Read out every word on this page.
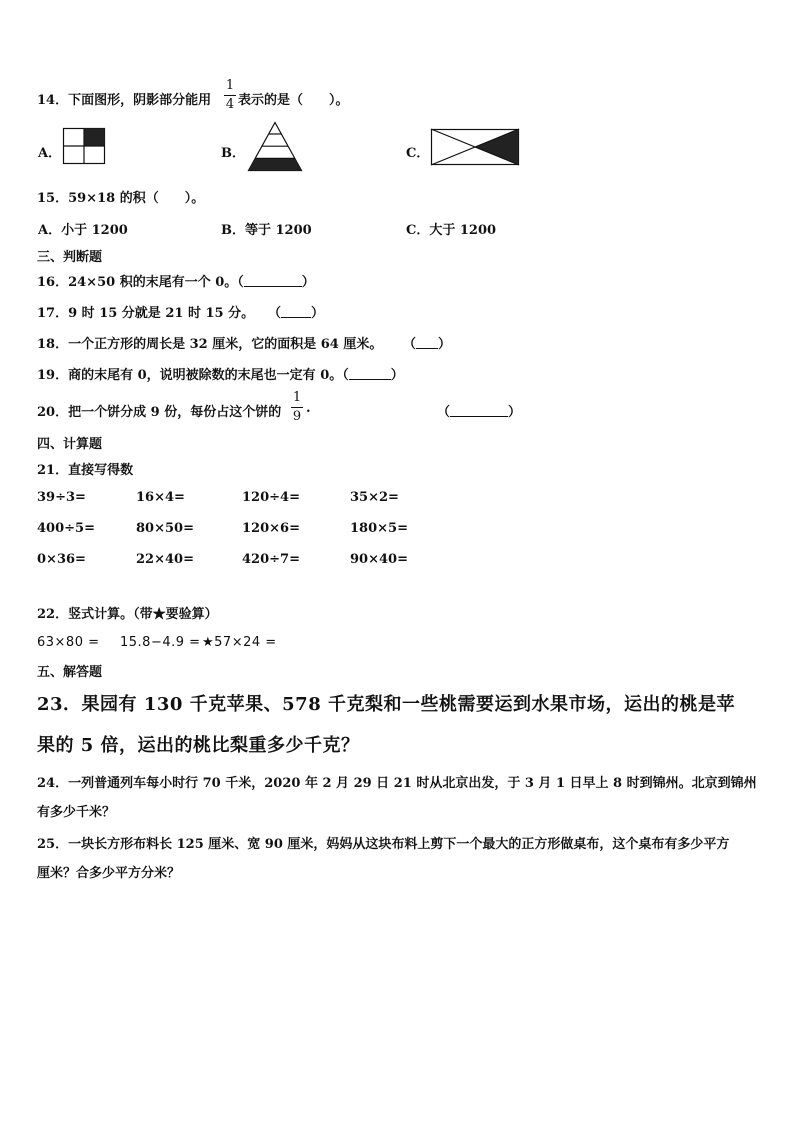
14．下面图形，阴影部分能用
1
4 表示的是（　　）。
A．	B．	C．
15．59×18 的积（　　）。
A．小于 1200	B．等于 1200	C．大于 1200
三、判断题
16．24×50 积的末尾有一个 0。（	）
17．9 时 15 分就是 21 时 15 分。 （ ）
18．一个正方形的周长是 32 厘米，它的面积是 64 厘米。 （ ）
19．商的末尾有 0，说明被除数的末尾也一定有 0。（	）
20．把一个饼分成 9 份，每份占这个饼的
1
9
.	（	）
四、计算题
21．直接写得数
39÷3=	16×4=	120÷4=	35×2=
400÷5=	80×50=	120×6=	180×5=
0×36=	22×40=	420÷7=	90×40=
22．竖式计算。（带★要验算）
63×80 = 15.8−4.9 = ★57×24 =
五、解答题
23．果园有 130 千克苹果、578 千克梨和一些桃需要运到水果市场，运出的桃是苹
果的 5 倍，运出的桃比梨重多少千克？
24．一列普通列车每小时行 70 千米，2020 年 2 月 29 日 21 时从北京出发，于 3 月 1 日早上 8 时到锦州。北京到锦州
有多少千米？
25．一块长方形布料长 125 厘米、宽 90 厘米，妈妈从这块布料上剪下一个最大的正方形做桌布，这个桌布有多少平方
厘米？合多少平方分米？
